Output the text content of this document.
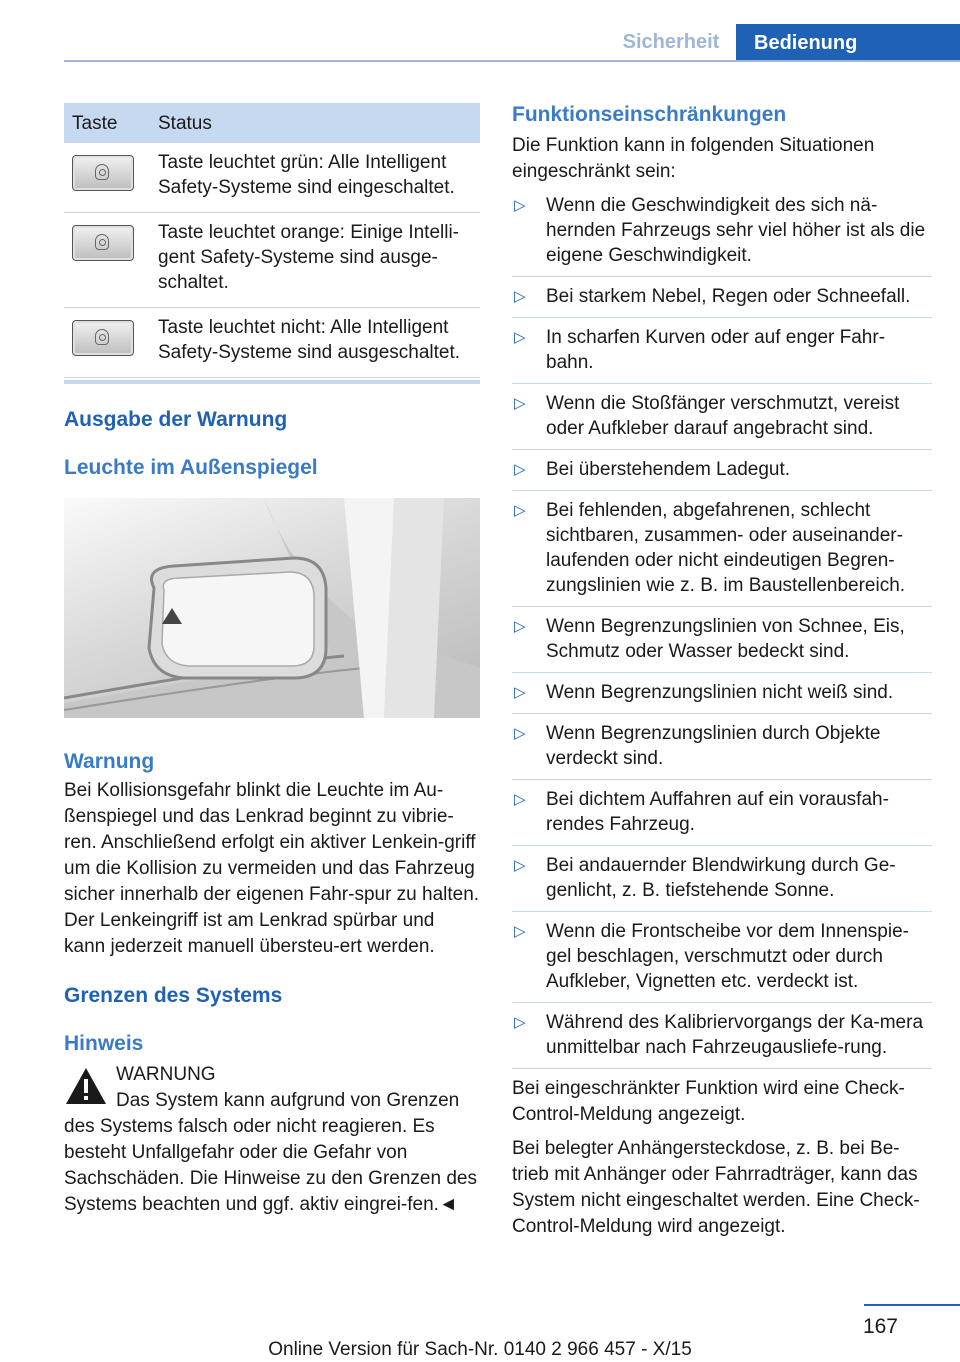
Sicherheit	Bedienung
Taste	Status

	Taste leuchtet grün: Alle Intelligent Safety-Systeme sind eingeschaltet.

	Taste leuchtet orange: Einige Intelli-gent Safety-Systeme sind ausge-schaltet.

	Taste leuchtet nicht: Alle Intelligent Safety-Systeme sind ausgeschaltet.
Ausgabe der Warnung
Leuchte im Außenspiegel
Warnung

Bei Kollisionsgefahr blinkt die Leuchte im Au-ßenspiegel und das Lenkrad beginnt zu vibrie-ren. Anschließend erfolgt ein aktiver Lenkein-griff um die Kollision zu vermeiden und das Fahrzeug sicher innerhalb der eigenen Fahr-spur zu halten. Der Lenkeingriff ist am Lenkrad spürbar und kann jederzeit manuell übersteu-ert werden.

Grenzen des Systems
Hinweis

WARNUNG

Das System kann aufgrund von Grenzen des Systems falsch oder nicht reagieren. Es besteht Unfallgefahr oder die Gefahr von Sachschäden. Die Hinweise zu den Grenzen des Systems beachten und ggf. aktiv eingrei-fen.◄

Funktionseinschränkungen

Die Funktion kann in folgenden Situationen eingeschränkt sein:

▷ Wenn die Geschwindigkeit des sich nä-hernden Fahrzeugs sehr viel höher ist als die eigene Geschwindigkeit.
▷ Bei starkem Nebel, Regen oder Schneefall.
▷ In scharfen Kurven oder auf enger Fahr-bahn.
▷ Wenn die Stoßfänger verschmutzt, vereist oder Aufkleber darauf angebracht sind.
▷ Bei überstehendem Ladegut.
▷ Bei fehlenden, abgefahrenen, schlecht sichtbaren, zusammen- oder auseinander-laufenden oder nicht eindeutigen Begren-zungslinien wie z. B. im Baustellenbereich.
▷ Wenn Begrenzungslinien von Schnee, Eis, Schmutz oder Wasser bedeckt sind.
▷ Wenn Begrenzungslinien nicht weiß sind.
▷ Wenn Begrenzungslinien durch Objekte verdeckt sind.
▷ Bei dichtem Auffahren auf ein vorausfah-rendes Fahrzeug.
▷ Bei andauernder Blendwirkung durch Ge-genlicht, z. B. tiefstehende Sonne.
▷ Wenn die Frontscheibe vor dem Innenspie-gel beschlagen, verschmutzt oder durch Aufkleber, Vignetten etc. verdeckt ist.
▷ Während des Kalibriervorgangs der Ka-mera unmittelbar nach Fahrzeugausliefe-rung.

Bei eingeschränkter Funktion wird eine Check-Control-Meldung angezeigt.

Bei belegter Anhängersteckdose, z. B. bei Be-trieb mit Anhänger oder Fahrradträger, kann das System nicht eingeschaltet werden. Eine Check-Control-Meldung wird angezeigt.

167
Online Version für Sach-Nr. 0140 2 966 457 - X/15
